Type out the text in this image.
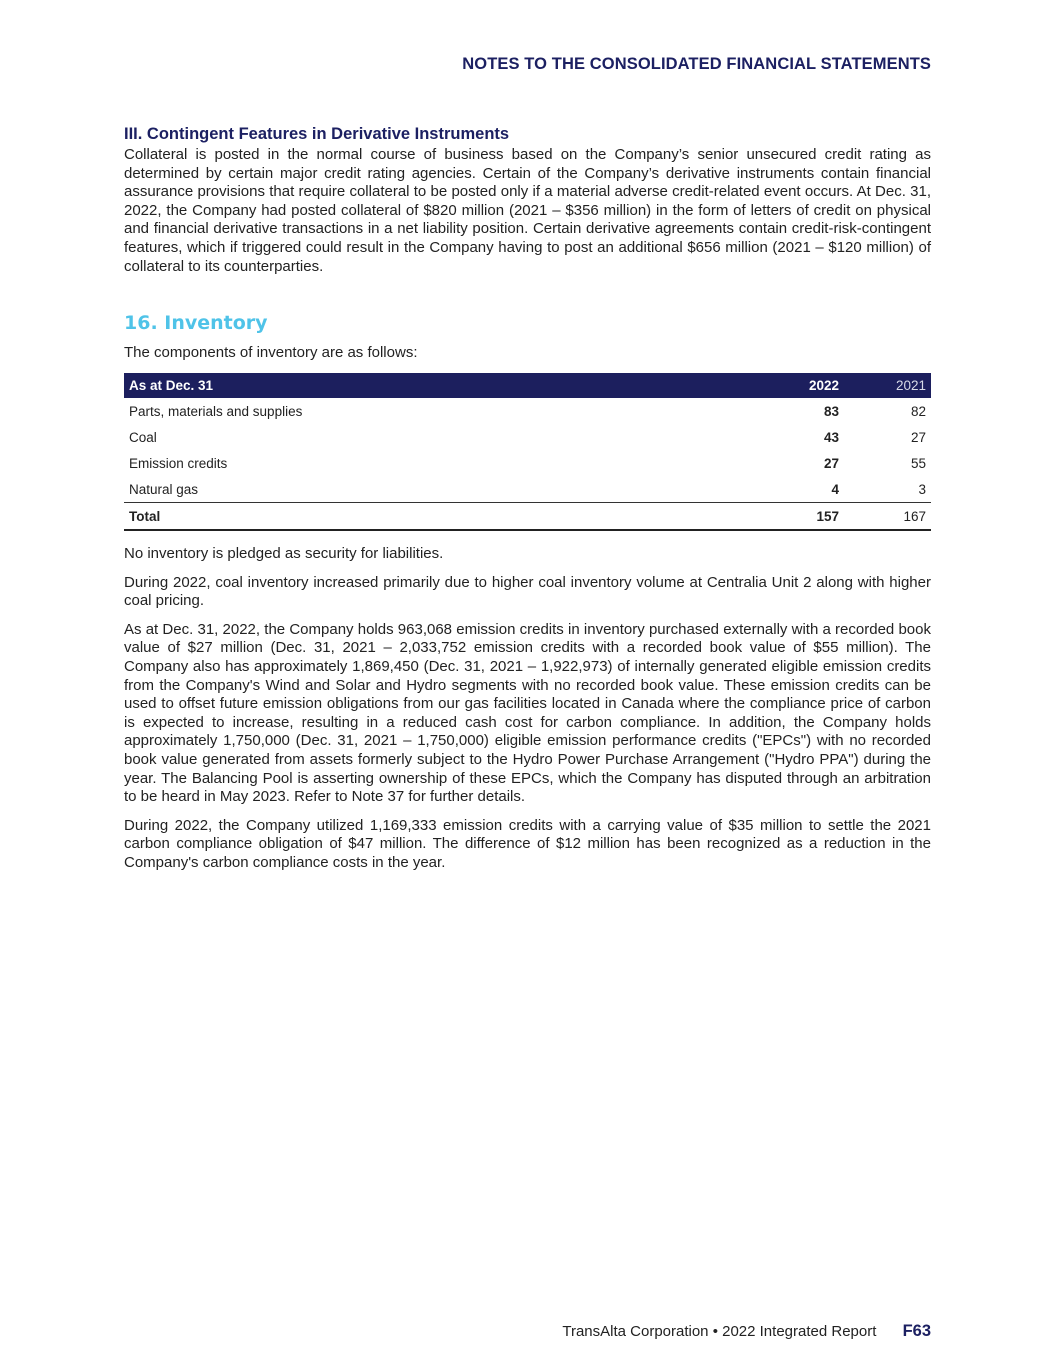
NOTES TO THE CONSOLIDATED FINANCIAL STATEMENTS
III. Contingent Features in Derivative Instruments

Collateral is posted in the normal course of business based on the Company’s senior unsecured credit rating as determined by certain major credit rating agencies. Certain of the Company’s derivative instruments contain financial assurance provisions that require collateral to be posted only if a material adverse credit-related event occurs. At Dec. 31, 2022, the Company had posted collateral of $820 million (2021 – $356 million) in the form of letters of credit on physical and financial derivative transactions in a net liability position. Certain derivative agreements contain credit-risk-contingent features, which if triggered could result in the Company having to post an additional $656 million (2021 – $120 million) of collateral to its counterparties.

16. Inventory

The components of inventory are as follows:

As at Dec. 31	2022	2021
Parts, materials and supplies	83	82
Coal	43	27
Emission credits	27	55
Natural gas	4	3
Total	157	167

No inventory is pledged as security for liabilities.

During 2022, coal inventory increased primarily due to higher coal inventory volume at Centralia Unit 2 along with higher coal pricing.

As at Dec. 31, 2022, the Company holds 963,068 emission credits in inventory purchased externally with a recorded book value of $27 million (Dec. 31, 2021 – 2,033,752 emission credits with a recorded book value of $55 million). The Company also has approximately 1,869,450 (Dec. 31, 2021 – 1,922,973) of internally generated eligible emission credits from the Company's Wind and Solar and Hydro segments with no recorded book value. These emission credits can be used to offset future emission obligations from our gas facilities located in Canada where the compliance price of carbon is expected to increase, resulting in a reduced cash cost for carbon compliance. In addition, the Company holds approximately 1,750,000 (Dec. 31, 2021 – 1,750,000) eligible emission performance credits ("EPCs") with no recorded book value generated from assets formerly subject to the Hydro Power Purchase Arrangement ("Hydro PPA") during the year. The Balancing Pool is asserting ownership of these EPCs, which the Company has disputed through an arbitration to be heard in May 2023. Refer to Note 37 for further details.

During 2022, the Company utilized 1,169,333 emission credits with a carrying value of $35 million to settle the 2021 carbon compliance obligation of $47 million. The difference of $12 million has been recognized as a reduction in the Company's carbon compliance costs in the year.

TransAlta Corporation • 2022 Integrated Report F63
